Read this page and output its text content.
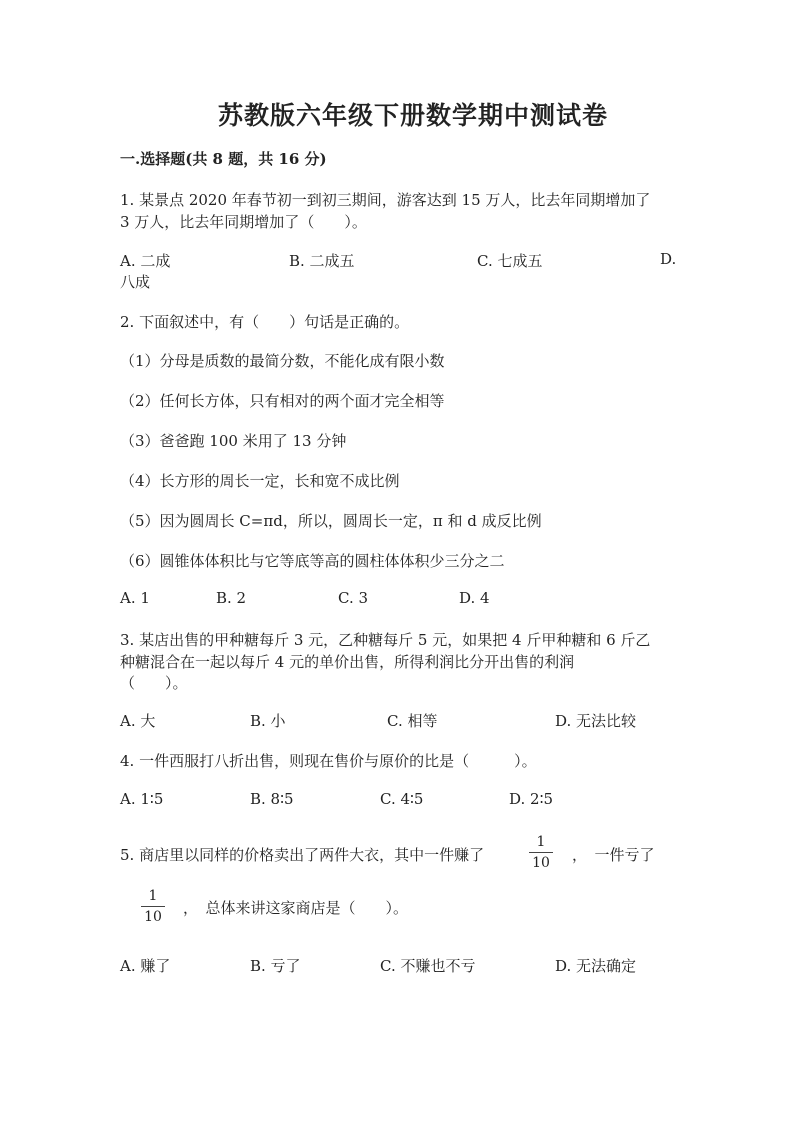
苏教版六年级下册数学期中测试卷
一.选择题(共 8 题，共 16 分)
1. 某景点 2020 年春节初一到初三期间，游客达到 15 万人，比去年同期增加了
3 万人，比去年同期增加了（　　）。
A. 二成	B. 二成五	C. 七成五	D.
八成
2. 下面叙述中，有（　　）句话是正确的。
（1）分母是质数的最简分数，不能化成有限小数
（2）任何长方体，只有相对的两个面才完全相等
（3）爸爸跑 100 米用了 13 分钟
（4）长方形的周长一定，长和宽不成比例
（5）因为圆周长 C=πd，所以，圆周长一定，π 和 d 成反比例
（6）圆锥体体积比与它等底等高的圆柱体体积少三分之二
A. 1	B. 2	C. 3	D. 4
3. 某店出售的甲种糖每斤 3 元，乙种糖每斤 5 元，如果把 4 斤甲种糖和 6 斤乙
种糖混合在一起以每斤 4 元的单价出售，所得利润比分开出售的利润
（　　）。
A. 大	B. 小	C. 相等	D. 无法比较
4. 一件西服打八折出售，则现在售价与原价的比是（　　　）。
A. 1∶5	B. 8∶5	C. 4∶5	D. 2∶5
5. 商店里以同样的价格卖出了两件大衣，其中一件赚了
1
10 ，　一件亏了
1
10 ，　总体来讲这家商店是（　　）。
A. 赚了	B. 亏了	C. 不赚也不亏	D. 无法确定
